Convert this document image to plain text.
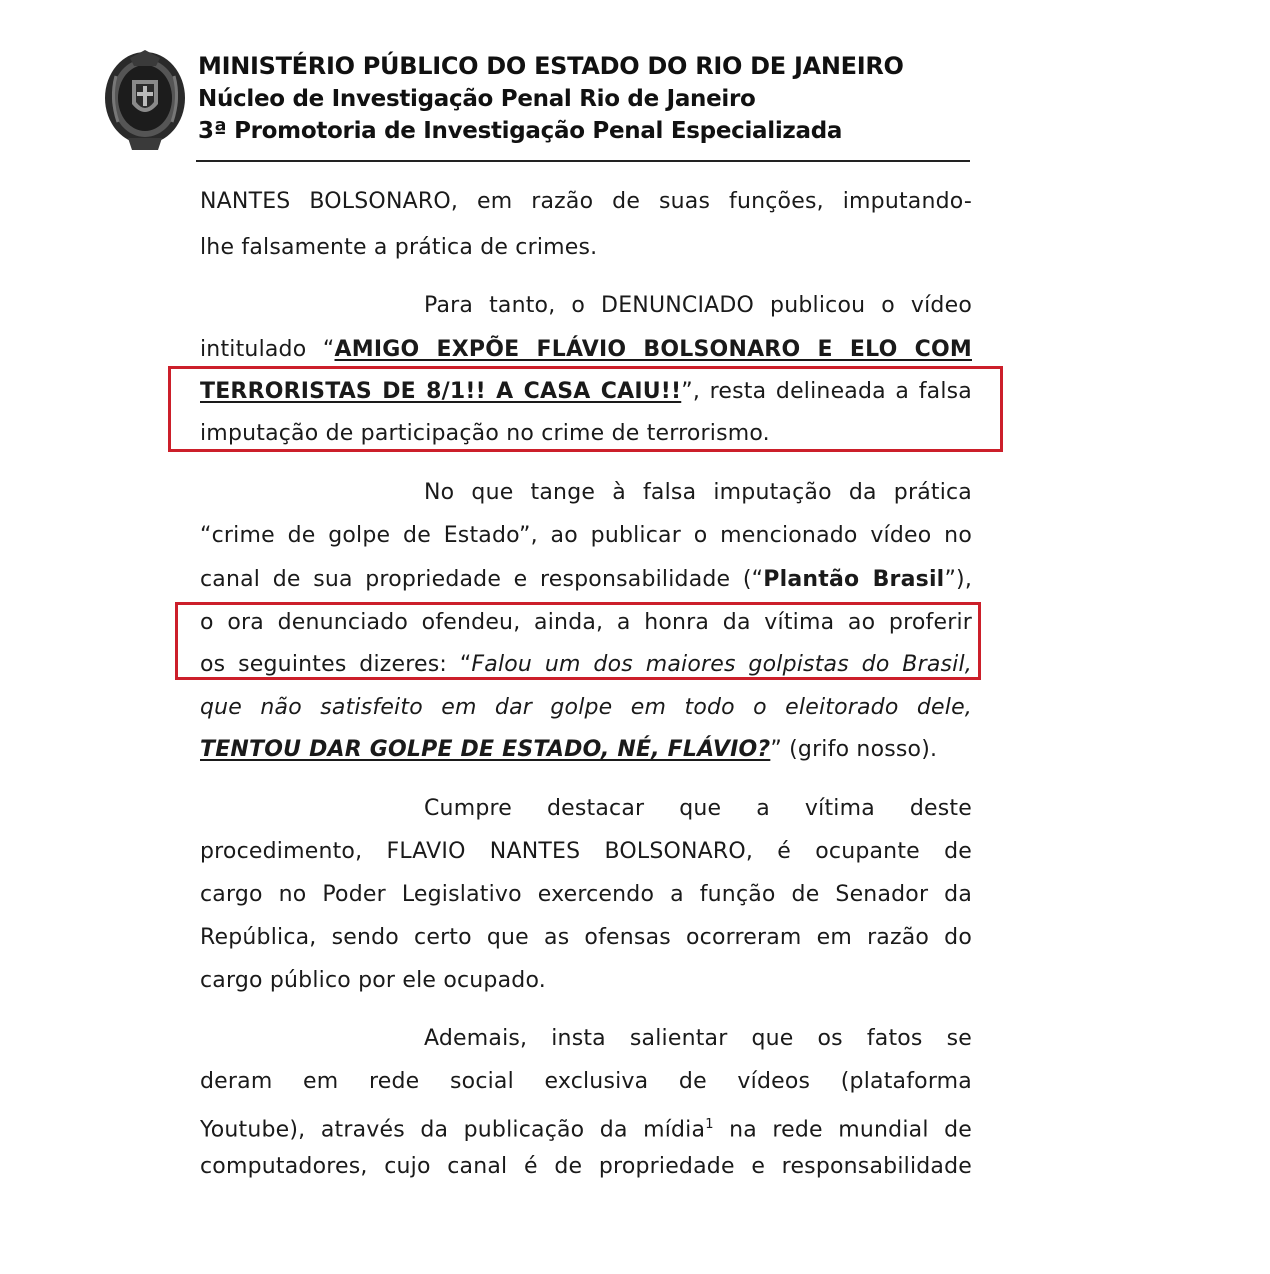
MINISTÉRIO PÚBLICO DO ESTADO DO RIO DE JANEIRO
Núcleo de Investigação Penal Rio de Janeiro
3ª Promotoria de Investigação Penal Especializada
NANTES BOLSONARO, em razão de suas funções, imputando-
lhe falsamente a prática de crimes.
Para tanto, o DENUNCIADO publicou o vídeo
intitulado “AMIGO EXPÕE FLÁVIO BOLSONARO E ELO COM
TERRORISTAS DE 8/1!! A CASA CAIU!!”, resta delineada a falsa
imputação de participação no crime de terrorismo.
No que tange à falsa imputação da prática
“crime de golpe de Estado”, ao publicar o mencionado vídeo no
canal de sua propriedade e responsabilidade (“Plantão Brasil”),
o ora denunciado ofendeu, ainda, a honra da vítima ao proferir
os seguintes dizeres: “Falou um dos maiores golpistas do Brasil,
que não satisfeito em dar golpe em todo o eleitorado dele,
TENTOU DAR GOLPE DE ESTADO, NÉ, FLÁVIO?” (grifo nosso).
Cumpre destacar que a vítima deste
procedimento, FLAVIO NANTES BOLSONARO, é ocupante de
cargo no Poder Legislativo exercendo a função de Senador da
República, sendo certo que as ofensas ocorreram em razão do
cargo público por ele ocupado.
Ademais, insta salientar que os fatos se
deram em rede social exclusiva de vídeos (plataforma
Youtube), através da publicação da mídia$^1$ na rede mundial de
computadores, cujo canal é de propriedade e responsabilidade
